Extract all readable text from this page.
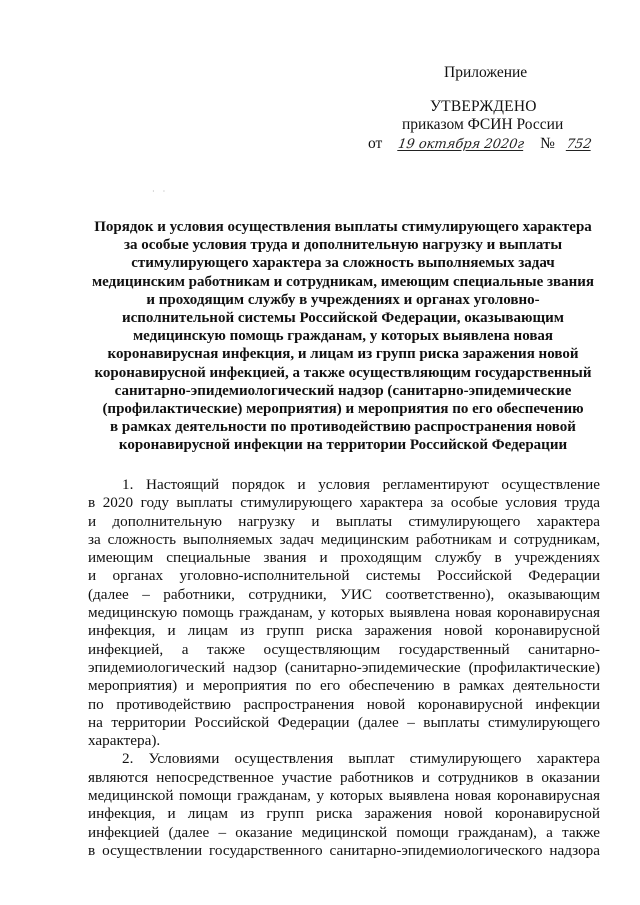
Приложение
УТВЕРЖДЕНО
приказом ФСИН России
от 19 октября 2020г № 752
· ·
Порядок и условия осуществления выплаты стимулирующего характера
за особые условия труда и дополнительную нагрузку и выплаты
стимулирующего характера за сложность выполняемых задач
медицинским работникам и сотрудникам, имеющим специальные звания
и проходящим службу в учреждениях и органах уголовно-
исполнительной системы Российской Федерации, оказывающим
медицинскую помощь гражданам, у которых выявлена новая
коронавирусная инфекция, и лицам из групп риска заражения новой
коронавирусной инфекцией, а также осуществляющим государственный
санитарно-эпидемиологический надзор (санитарно-эпидемические
(профилактические) мероприятия) и мероприятия по его обеспечению
в рамках деятельности по противодействию распространения новой
коронавирусной инфекции на территории Российской Федерации
1. Настоящий порядок и условия регламентируют осуществление
в 2020 году выплаты стимулирующего характера за особые условия труда
и дополнительную нагрузку и выплаты стимулирующего характера
за сложность выполняемых задач медицинским работникам и сотрудникам,
имеющим специальные звания и проходящим службу в учреждениях
и органах уголовно-исполнительной системы Российской Федерации
(далее – работники, сотрудники, УИС соответственно), оказывающим
медицинскую помощь гражданам, у которых выявлена новая коронавирусная
инфекция, и лицам из групп риска заражения новой коронавирусной
инфекцией, а также осуществляющим государственный санитарно-
эпидемиологический надзор (санитарно-эпидемические (профилактические)
мероприятия) и мероприятия по его обеспечению в рамках деятельности
по противодействию распространения новой коронавирусной инфекции
на территории Российской Федерации (далее – выплаты стимулирующего
характера).
2. Условиями осуществления выплат стимулирующего характера
являются непосредственное участие работников и сотрудников в оказании
медицинской помощи гражданам, у которых выявлена новая коронавирусная
инфекция, и лицам из групп риска заражения новой коронавирусной
инфекцией (далее – оказание медицинской помощи гражданам), а также
в осуществлении государственного санитарно-эпидемиологического надзора
